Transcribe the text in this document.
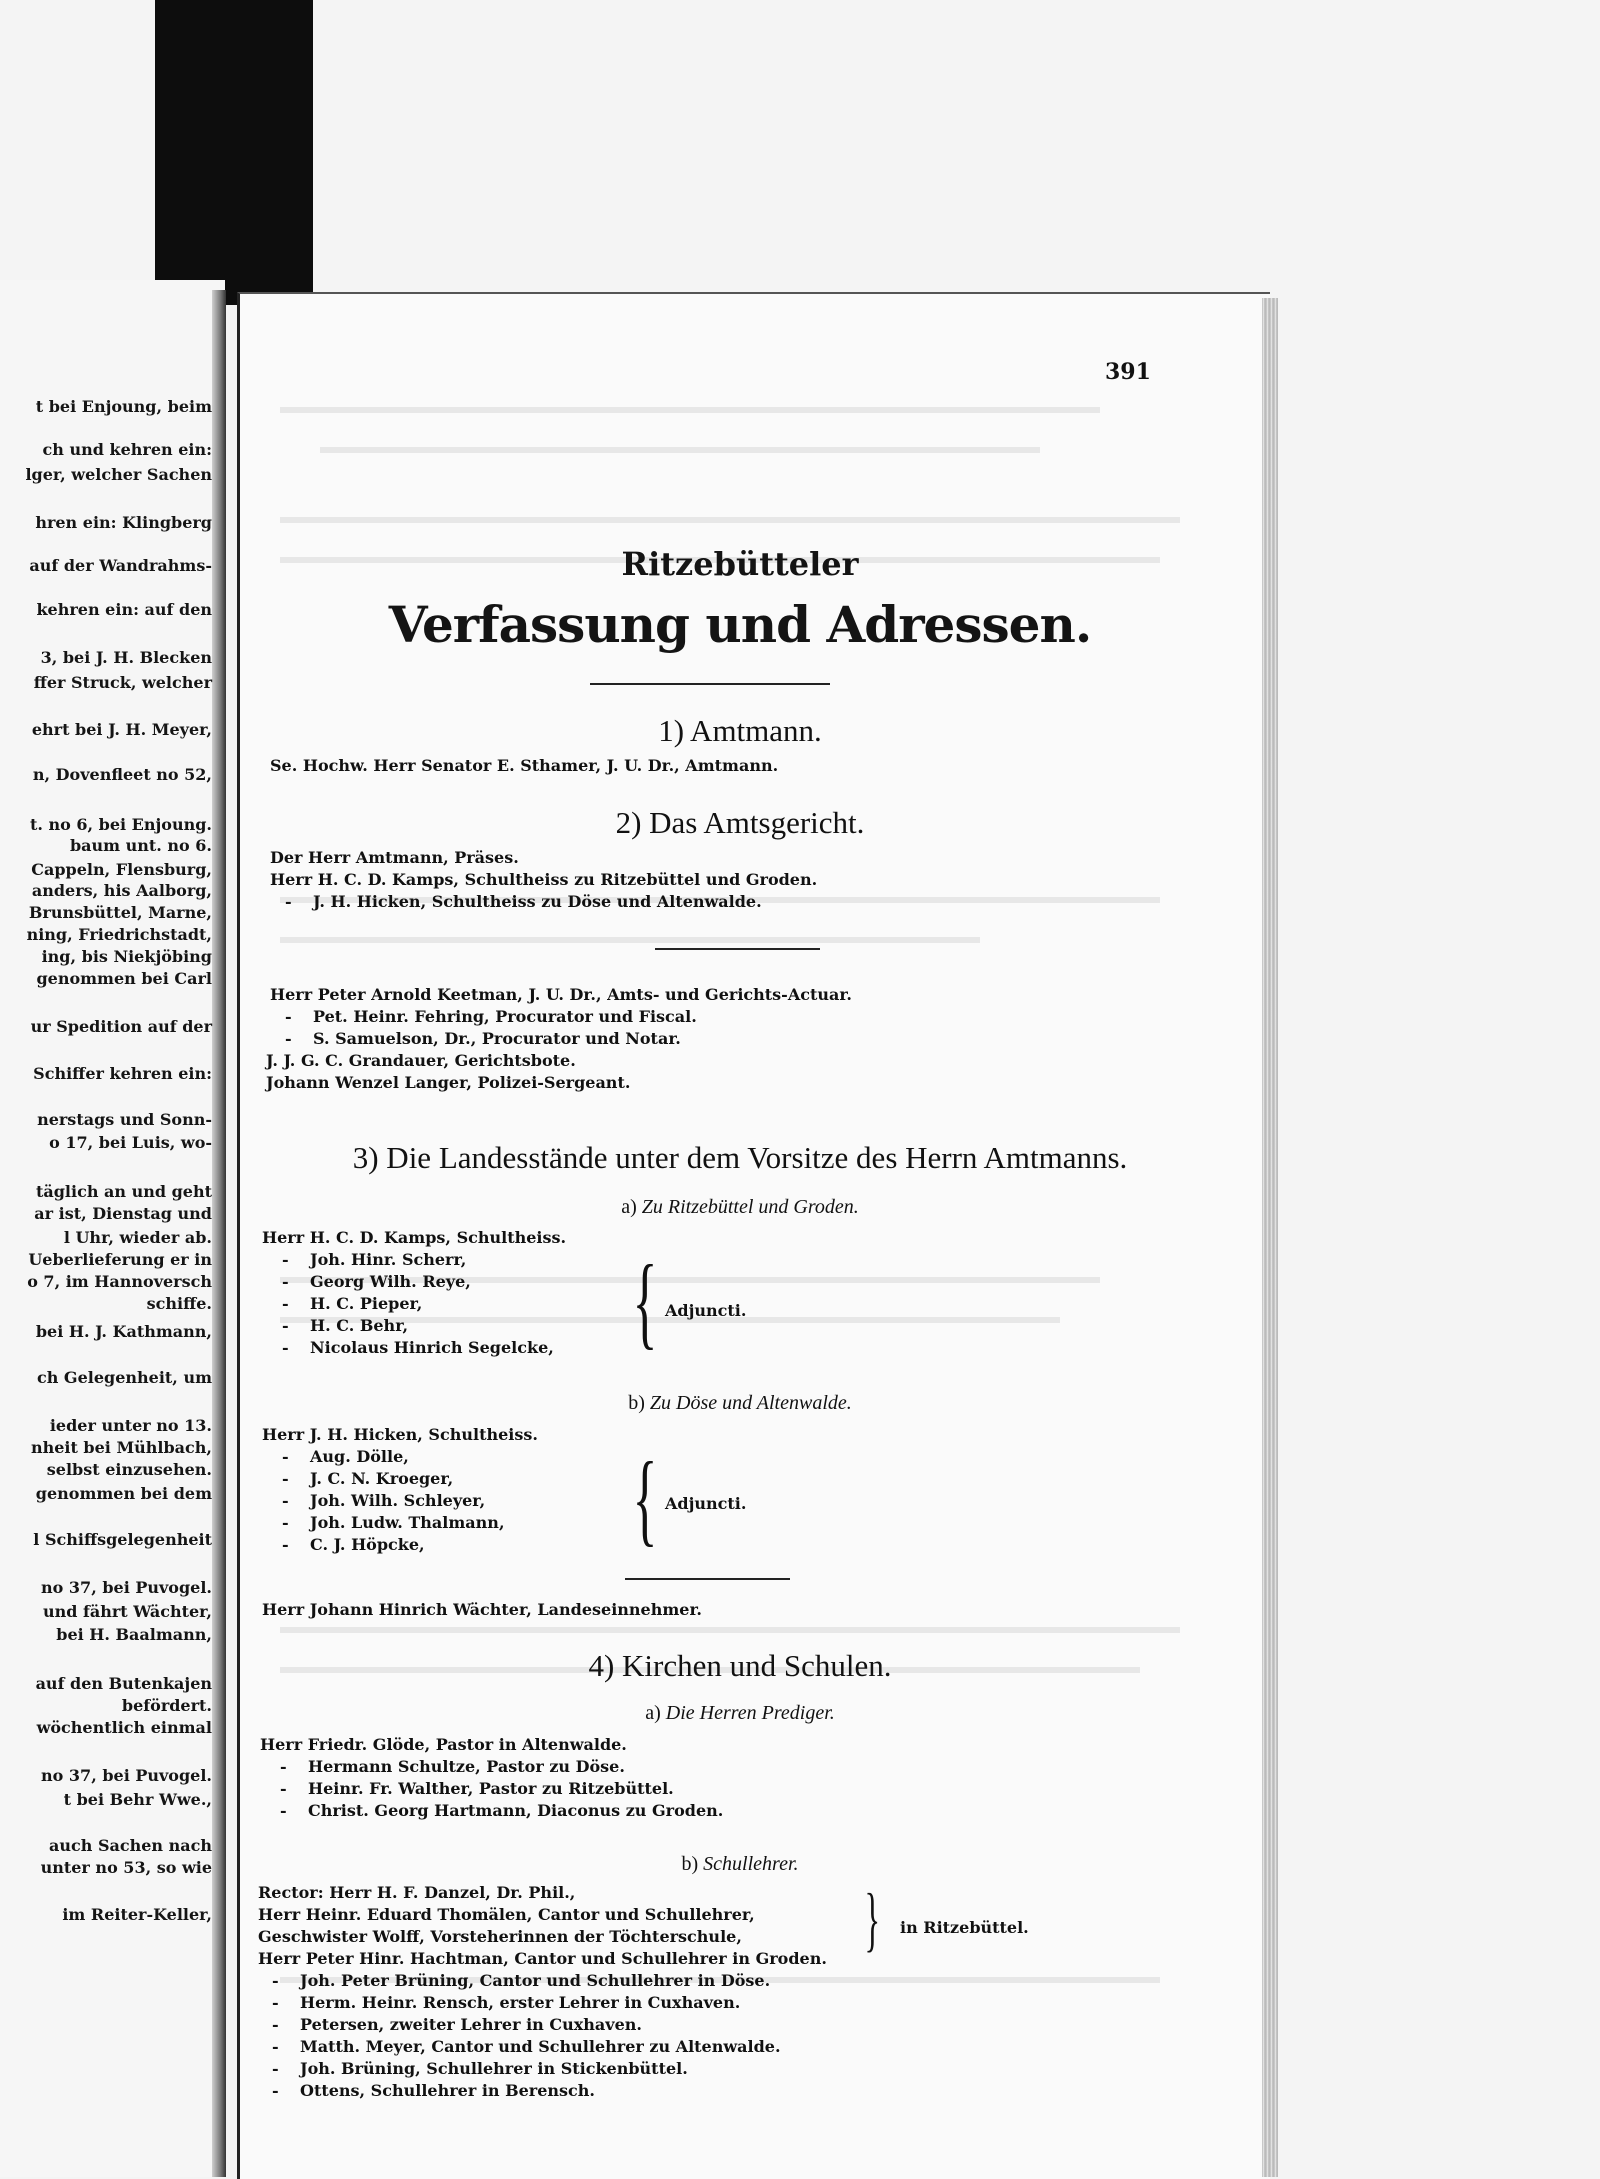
t bei Enjoung, beim
ch und kehren ein:
lger, welcher Sachen
hren ein: Klingberg
auf der Wandrahms-
kehren ein: auf den
3, bei J. H. Blecken
ffer Struck, welcher
ehrt bei J. H. Meyer,
n, Dovenfleet no 52,
t. no 6, bei Enjoung.
baum unt. no 6.
Cappeln, Flensburg,
anders, his Aalborg,
Brunsbüttel, Marne,
ning, Friedrichstadt,
ing, bis Niekjöbing
genommen bei Carl
ur Spedition auf der
Schiffer kehren ein:
nerstags und Sonn-
o 17, bei Luis, wo-
täglich an und geht
ar ist, Dienstag und
l Uhr, wieder ab.
Ueberlieferung er in
o 7, im Hannoversch
schiffe.
bei H. J. Kathmann,
ch Gelegenheit, um
ieder unter no 13.
nheit bei Mühlbach,
selbst einzusehen.
genommen bei dem
l Schiffsgelegenheit
no 37, bei Puvogel.
und fährt Wächter,
bei H. Baalmann,
auf den Butenkajen
befördert.
wöchentlich einmal
no 37, bei Puvogel.
t bei Behr Wwe.,
auch Sachen nach
unter no 53, so wie
im Reiter-Keller,
391
Ritzebütteler
Verfassung und Adressen.
1) Amtmann.
Se. Hochw. Herr Senator E. Sthamer, J. U. Dr., Amtmann.
2) Das Amtsgericht.
Der Herr Amtmann, Präses.
Herr H. C. D. Kamps, Schultheiss zu Ritzebüttel und Groden.
- J. H. Hicken, Schultheiss zu Döse und Altenwalde.
Herr Peter Arnold Keetman, J. U. Dr., Amts- und Gerichts-Actuar.
- Pet. Heinr. Fehring, Procurator und Fiscal.
- S. Samuelson, Dr., Procurator und Notar.
J. J. G. C. Grandauer, Gerichtsbote.
Johann Wenzel Langer, Polizei-Sergeant.
3) Die Landesstände unter dem Vorsitze des Herrn Amtmanns.
a) Zu Ritzebüttel und Groden.
Herr H. C. D. Kamps, Schultheiss.
- Joh. Hinr. Scherr,
- Georg Wilh. Reye,
- H. C. Pieper,
- H. C. Behr,
- Nicolaus Hinrich Segelcke, { Adjuncti.
b) Zu Döse und Altenwalde.
Herr J. H. Hicken, Schultheiss.
- Aug. Dölle,
- J. C. N. Kroeger,
- Joh. Wilh. Schleyer,
- Joh. Ludw. Thalmann,
- C. J. Höpcke, { Adjuncti.
Herr Johann Hinrich Wächter, Landeseinnehmer.
4) Kirchen und Schulen.
a) Die Herren Prediger.
Herr Friedr. Glöde, Pastor in Altenwalde.
- Hermann Schultze, Pastor zu Döse.
- Heinr. Fr. Walther, Pastor zu Ritzebüttel.
- Christ. Georg Hartmann, Diaconus zu Groden.
b) Schullehrer.
Rector: Herr H. F. Danzel, Dr. Phil.,
Herr Heinr. Eduard Thomälen, Cantor und Schullehrer,
Geschwister Wolff, Vorsteherinnen der Töchterschule,
Herr Peter Hinr. Hachtman, Cantor und Schullehrer in Groden.
- Joh. Peter Brüning, Cantor und Schullehrer in Döse.
- Herm. Heinr. Rensch, erster Lehrer in Cuxhaven.
- Petersen, zweiter Lehrer in Cuxhaven.
- Matth. Meyer, Cantor und Schullehrer zu Altenwalde.
- Joh. Brüning, Schullehrer in Stickenbüttel.
- Ottens, Schullehrer in Berensch.
} in Ritzebüttel.
